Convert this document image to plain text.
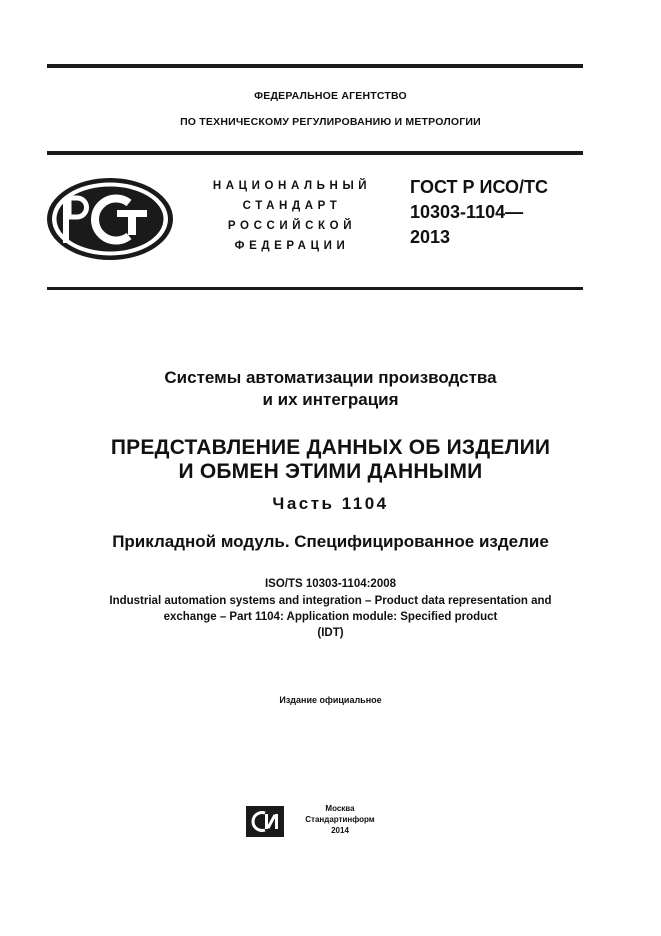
ФЕДЕРАЛЬНОЕ АГЕНТСТВО
ПО ТЕХНИЧЕСКОМУ РЕГУЛИРОВАНИЮ И МЕТРОЛОГИИ
НАЦИОНАЛЬНЫЙ
СТАНДАРТ
РОССИЙСКОЙ
ФЕДЕРАЦИИ
ГОСТ Р ИСО/ТС
10303-1104—
2013
Системы автоматизации производства
и их интеграция
ПРЕДСТАВЛЕНИЕ ДАННЫХ ОБ ИЗДЕЛИИ
И ОБМЕН ЭТИМИ ДАННЫМИ
Часть 1104
Прикладной модуль. Специфицированное изделие
ISO/TS 10303-1104:2008
Industrial automation systems and integration – Product data representation and
exchange – Part 1104: Application module: Specified product
(IDT)
Издание официальное
Москва
Стандартинформ
2014
